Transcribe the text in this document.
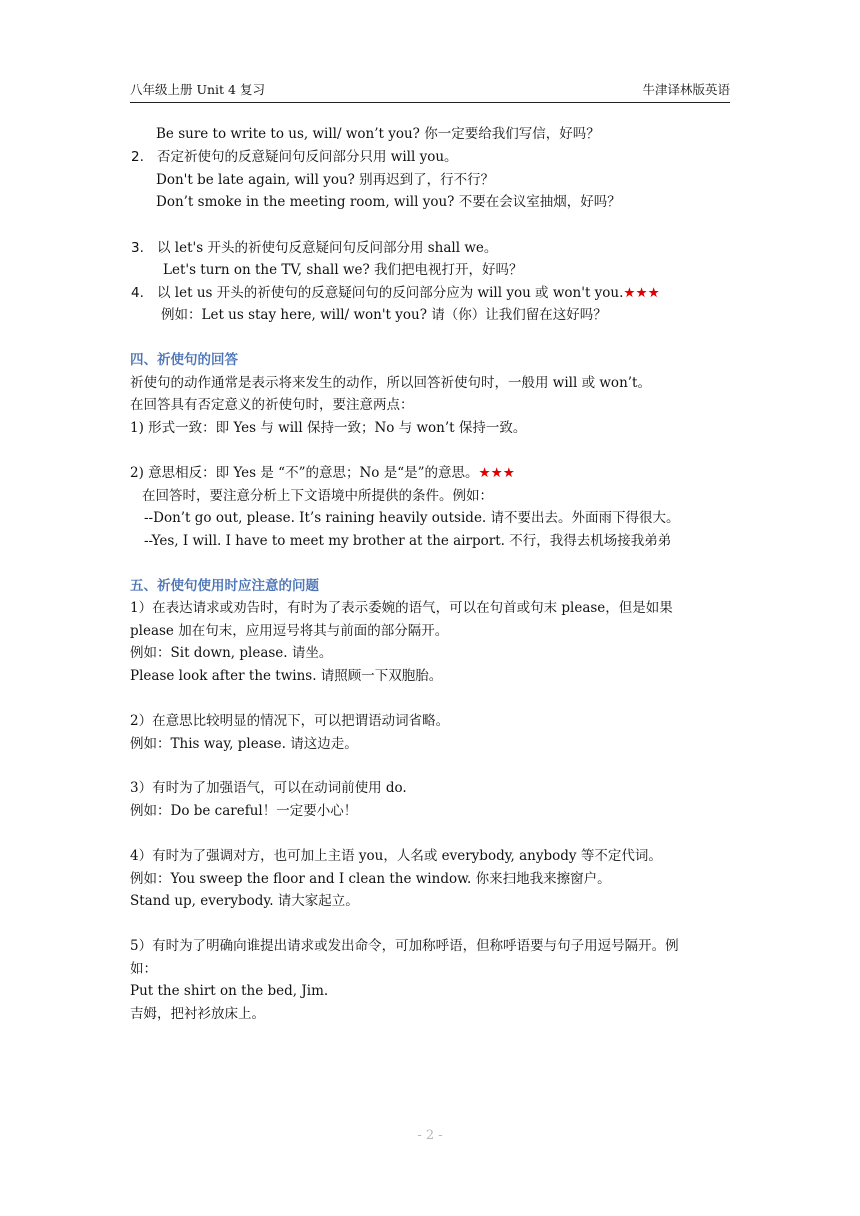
八年级上册 Unit 4 复习	牛津译林版英语
Be sure to write to us, will/ won’t you? 你一定要给我们写信，好吗？
2. 否定祈使句的反意疑问句反问部分只用 will you。
Don't be late again, will you? 别再迟到了，行不行？
Don’t smoke in the meeting room, will you? 不要在会议室抽烟，好吗？
3. 以 let's 开头的祈使句反意疑问句反问部分用 shall we。
Let's turn on the TV, shall we? 我们把电视打开，好吗？
4. 以 let us 开头的祈使句的反意疑问句的反问部分应为 will you 或 won't you.★★★
例如：Let us stay here, will/ won't you? 请（你）让我们留在这好吗？
四、祈使句的回答
祈使句的动作通常是表示将来发生的动作，所以回答祈使句时，一般用 will 或 won’t。
在回答具有否定意义的祈使句时，要注意两点：
1) 形式一致：即 Yes 与 will 保持一致；No 与 won’t 保持一致。
2) 意思相反：即 Yes 是 “不”的意思；No 是“是”的意思。★★★
在回答时，要注意分析上下文语境中所提供的条件。例如：
--Don’t go out, please. It’s raining heavily outside. 请不要出去。外面雨下得很大。
--Yes, I will. I have to meet my brother at the airport. 不行，我得去机场接我弟弟
五、祈使句使用时应注意的问题
1）在表达请求或劝告时，有时为了表示委婉的语气，可以在句首或句末 please，但是如果
please 加在句末，应用逗号将其与前面的部分隔开。
例如：Sit down, please. 请坐。
Please look after the twins. 请照顾一下双胞胎。
2）在意思比较明显的情况下，可以把谓语动词省略。
例如：This way, please. 请这边走。
3）有时为了加强语气，可以在动词前使用 do.
例如：Do be careful！一定要小心！
4）有时为了强调对方，也可加上主语 you，人名或 everybody, anybody 等不定代词。
例如：You sweep the floor and I clean the window. 你来扫地我来擦窗户。
Stand up, everybody. 请大家起立。
5）有时为了明确向谁提出请求或发出命令，可加称呼语，但称呼语要与句子用逗号隔开。例
如：
Put the shirt on the bed, Jim.
吉姆，把衬衫放床上。
- 2 -
